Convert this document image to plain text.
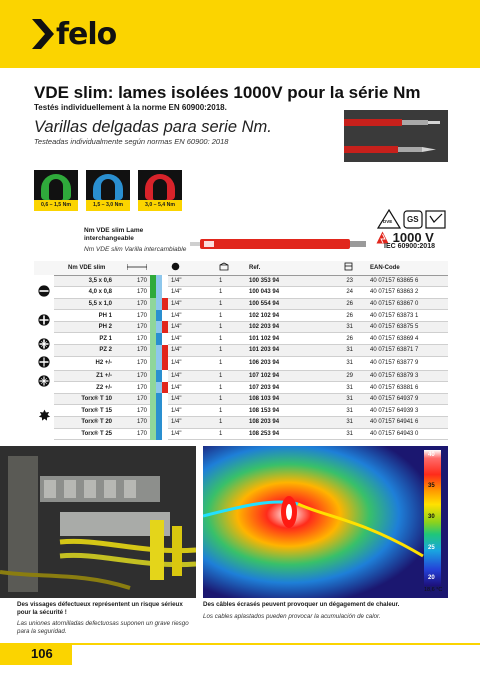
felo
VDE slim: lames isolées 1000V pour la série Nm
Testés individuellement à la norme EN 60900:2018.
Varillas delgadas para serie Nm.
Testeadas individualmente según normas EN 60900: 2018
0,6 – 1,5 Nm	1,5 – 3,0 Nm	3,0 – 5,4 Nm
Nm VDE slim Lame interchangeable
Nm VDE slim Varilla intercambiable
DVE GS
1000 V
IEC 60900:2018
	Nm VDE slim							Ref.		EAN-Code
	3,5 x 0,6	170				1/4"	1	100 353 94	23	40 07157 63865 6
	4,0 x 0,8	170				1/4"	1	100 043 94	24	40 07157 63863 2
	5,5 x 1,0	170				1/4"	1	100 554 94	26	40 07157 63867 0
	PH 1	170				1/4"	1	102 102 94	26	40 07157 63873 1
	PH 2	170				1/4"	1	102 203 94	31	40 07157 63875 5
	PZ 1	170				1/4"	1	101 102 94	26	40 07157 63869 4
	PZ 2	170				1/4"	1	101 203 94	31	40 07157 63871 7
	H2 +/-	170				1/4"	1	106 203 94	31	40 07157 63877 9
	Z1 +/-	170				1/4"	1	107 102 94	29	40 07157 63879 3
	Z2 +/-	170				1/4"	1	107 203 94	31	40 07157 63881 6
	Torx® T 10	170				1/4"	1	108 103 94	31	40 07157 64937 9
	Torx® T 15	170				1/4"	1	108 153 94	31	40 07157 64939 3
	Torx® T 20	170				1/4"	1	108 203 94	31	40 07157 64941 6
	Torx® T 25	170				1/4"	1	108 253 94	31	40 07157 64943 0
40
35
30
25
20
18,6 °C
Des vissages défectueux représentent un risque sérieux pour la sécurité !
Las uniones atornilladas defectuosas suponen un grave riesgo para la seguridad.
Des câbles écrasés peuvent provoquer un dégagement de chaleur.
Los cables aplastados pueden provocar la acumulación de calor.
106
